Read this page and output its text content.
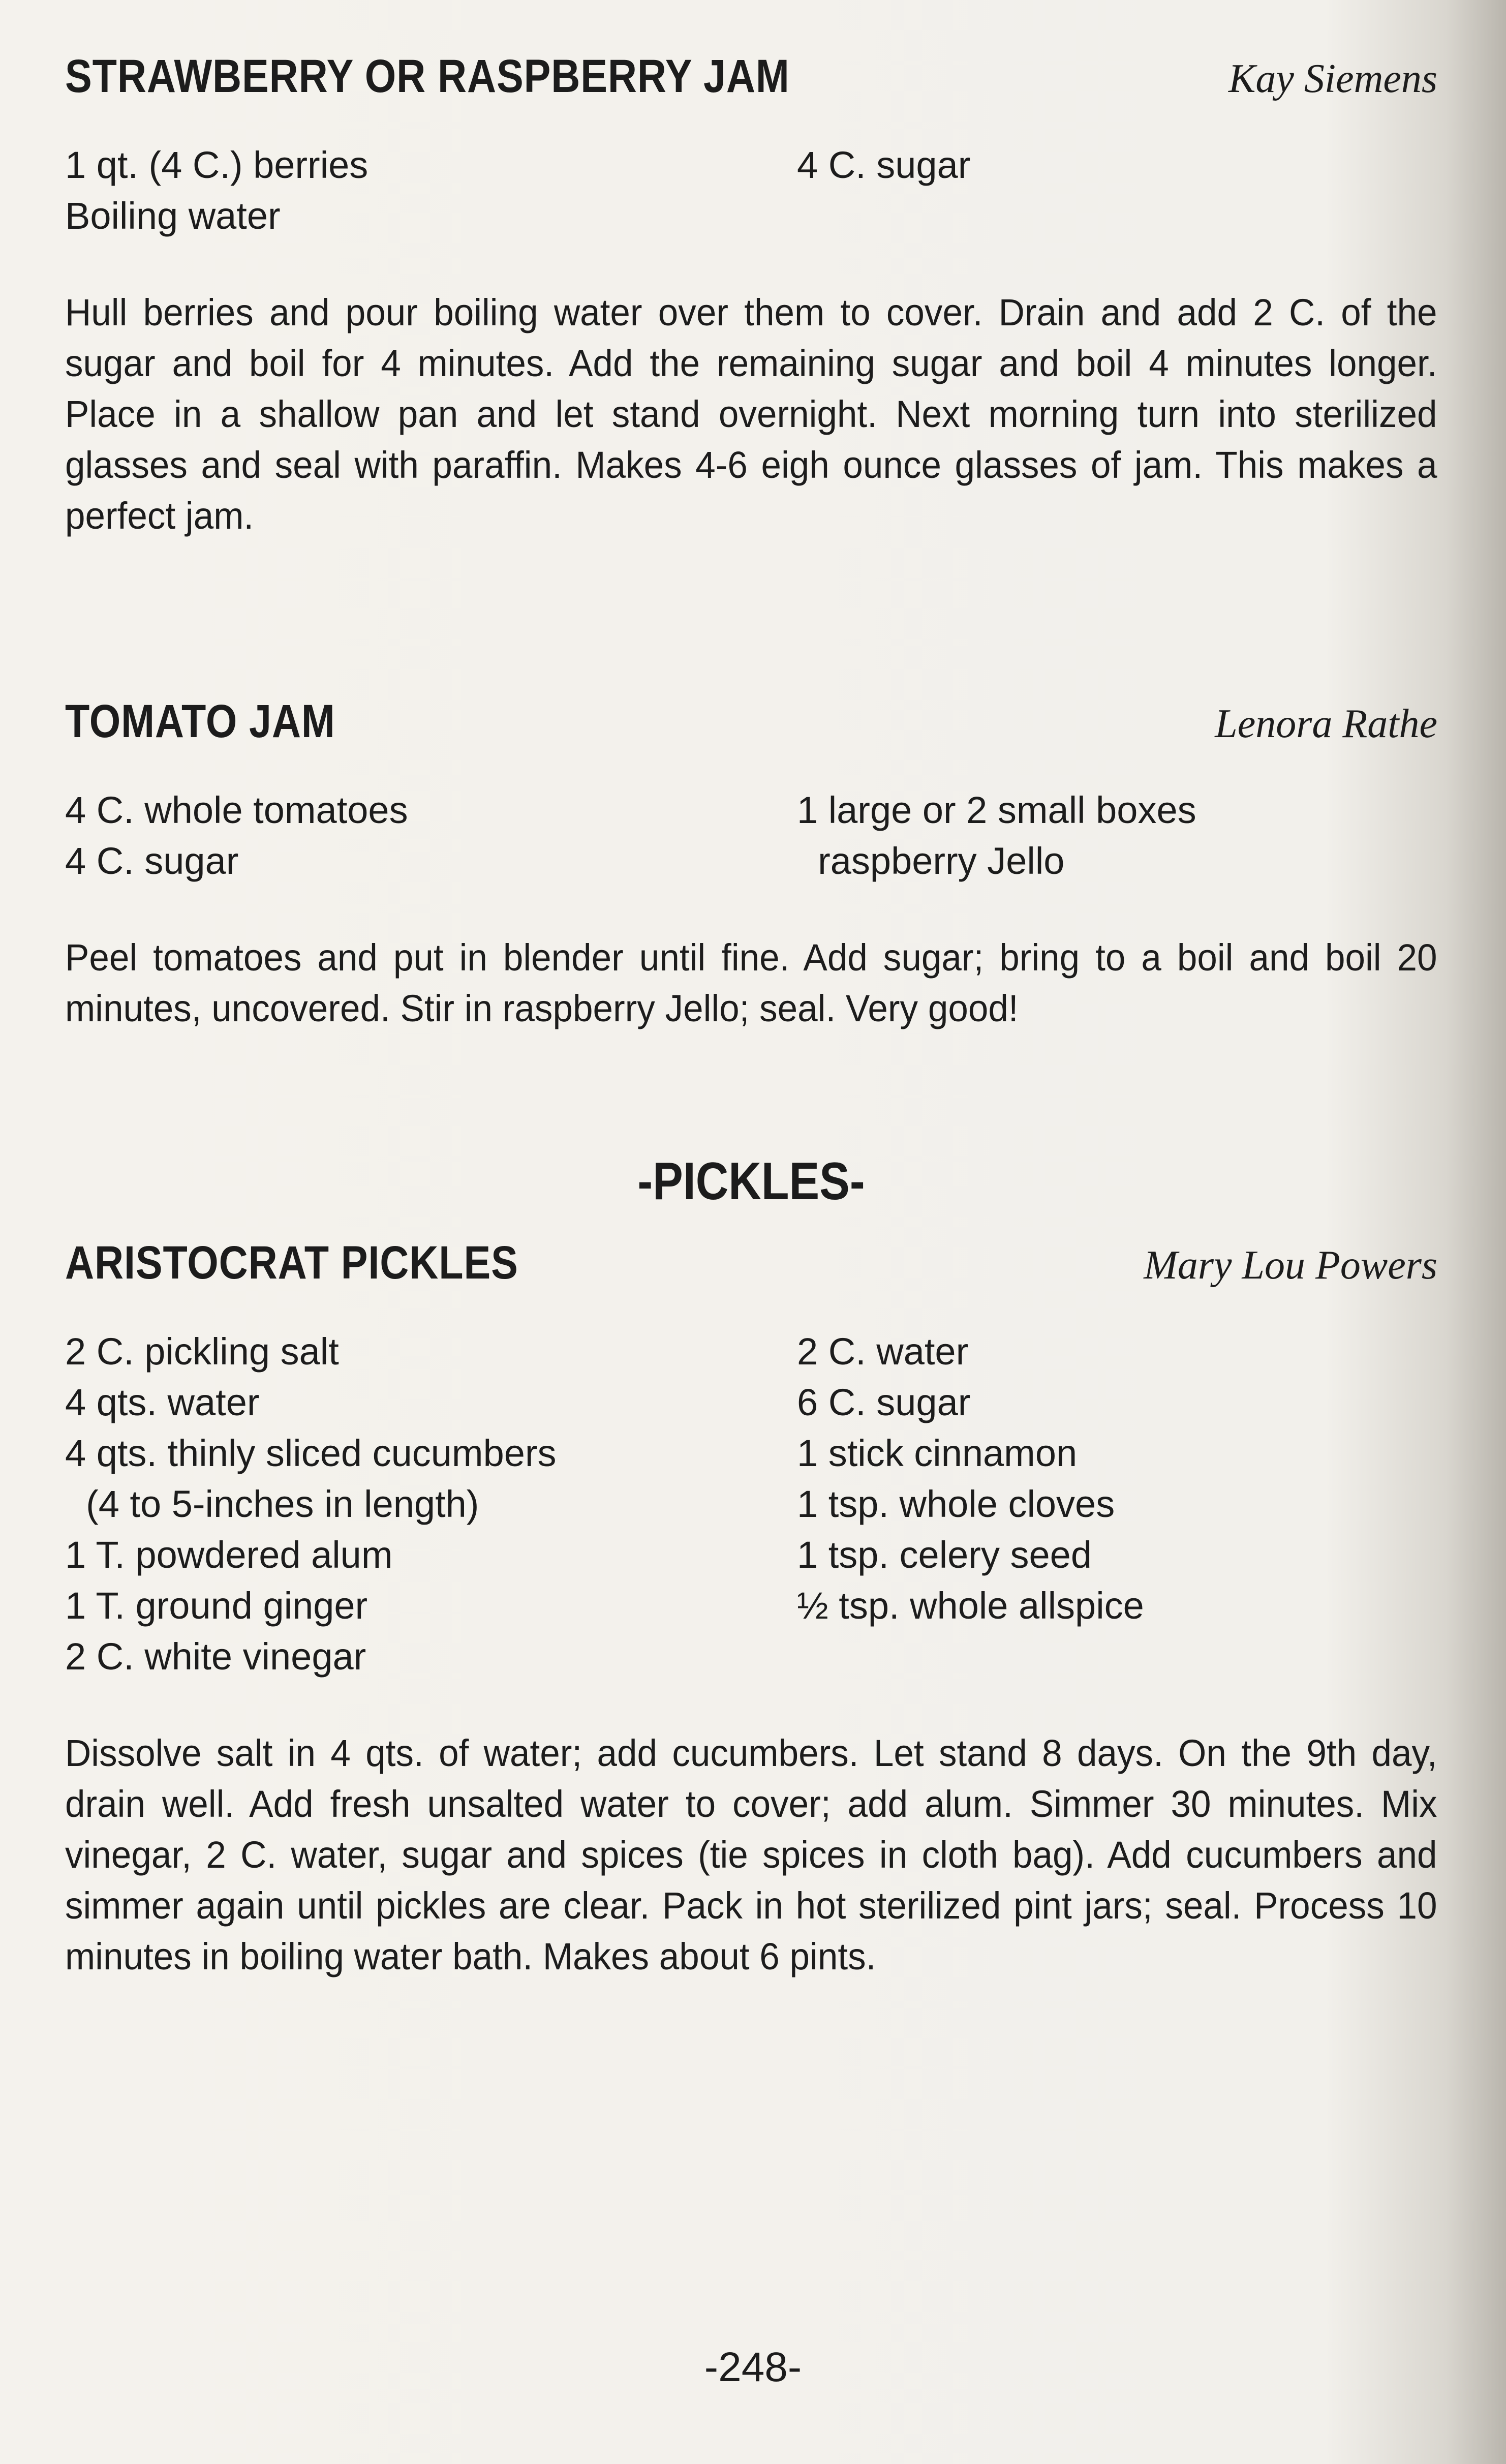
STRAWBERRY OR RASPBERRY JAM	Kay Siemens
1 qt. (4 C.) berries
Boiling water
4 C. sugar

Hull berries and pour boiling water over them to cover. Drain and add 2 C. of the sugar and boil for 4 minutes. Add the remaining sugar and boil 4 minutes longer. Place in a shallow pan and let stand overnight. Next morning turn into sterilized glasses and seal with paraffin. Makes 4-6 eigh ounce glasses of jam. This makes a perfect jam.

TOMATO JAM	Lenora Rathe
4 C. whole tomatoes
4 C. sugar
1 large or 2 small boxes
raspberry Jello

Peel tomatoes and put in blender until fine. Add sugar; bring to a boil and boil 20 minutes, uncovered. Stir in raspberry Jello; seal. Very good!

-PICKLES-
ARISTOCRAT PICKLES	Mary Lou Powers
2 C. pickling salt
4 qts. water
4 qts. thinly sliced cucumbers
(4 to 5-inches in length)
1 T. powdered alum
1 T. ground ginger
2 C. white vinegar
2 C. water
6 C. sugar
1 stick cinnamon
1 tsp. whole cloves
1 tsp. celery seed
½ tsp. whole allspice

Dissolve salt in 4 qts. of water; add cucumbers. Let stand 8 days. On the 9th day, drain well. Add fresh unsalted water to cover; add alum. Simmer 30 minutes. Mix vinegar, 2 C. water, sugar and spices (tie spices in cloth bag). Add cucumbers and simmer again until pickles are clear. Pack in hot sterilized pint jars; seal. Process 10 minutes in boiling water bath. Makes about 6 pints.

-248-
